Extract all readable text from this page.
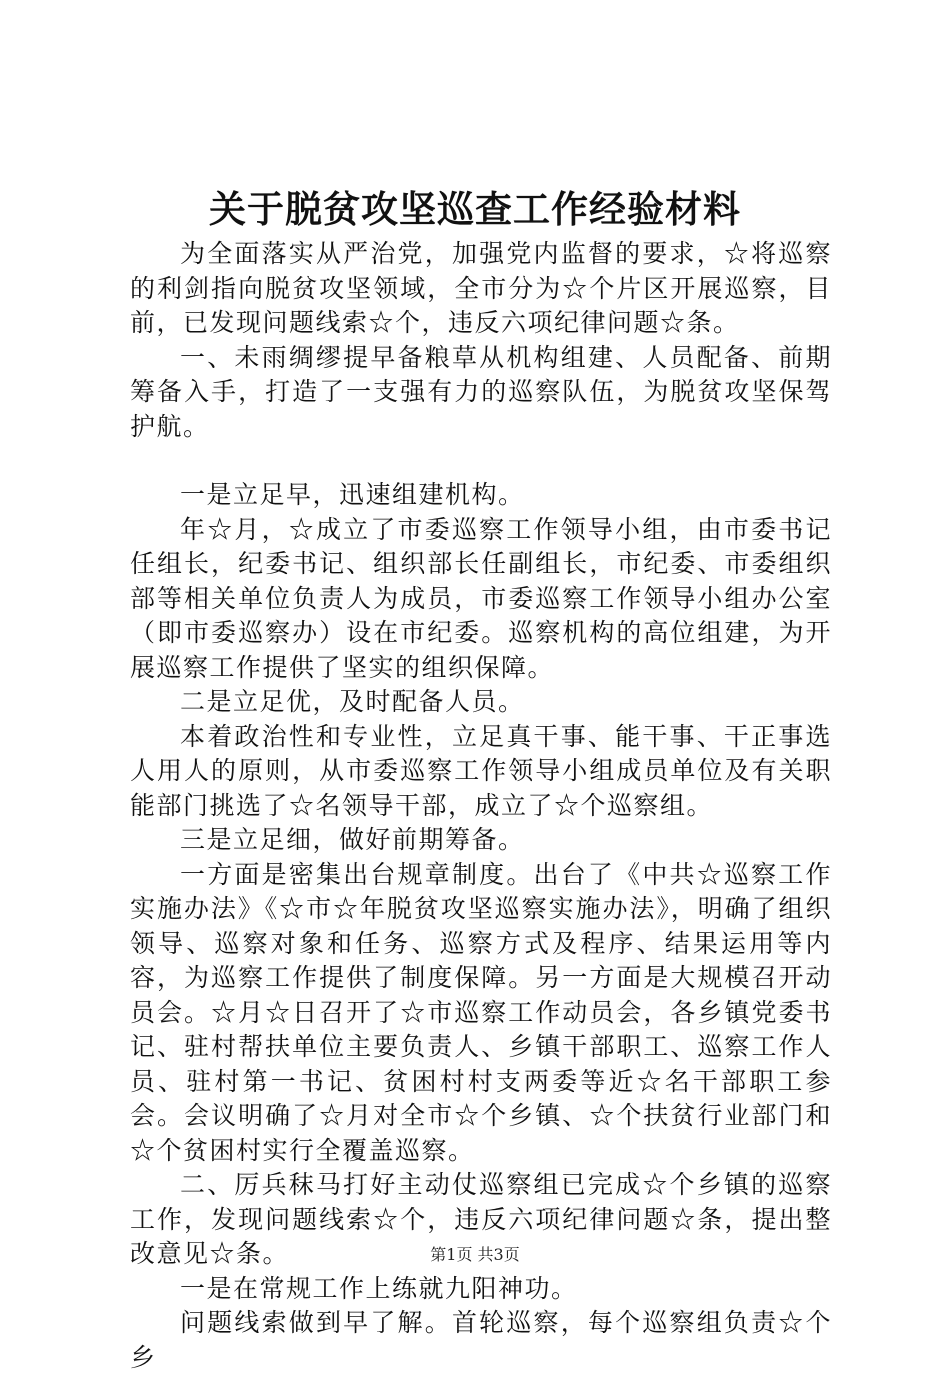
关于脱贫攻坚巡查工作经验材料

为全面落实从严治党，加强党内监督的要求，☆将巡察的利剑指向脱贫攻坚领域，全市分为☆个片区开展巡察，目前，已发现问题线索☆个，违反六项纪律问题☆条。

一、未雨绸缪提早备粮草从机构组建、人员配备、前期筹备入手，打造了一支强有力的巡察队伍，为脱贫攻坚保驾护航。

一是立足早，迅速组建机构。

年☆月，☆成立了市委巡察工作领导小组，由市委书记任组长，纪委书记、组织部长任副组长，市纪委、市委组织部等相关单位负责人为成员，市委巡察工作领导小组办公室（即市委巡察办）设在市纪委。巡察机构的高位组建，为开展巡察工作提供了坚实的组织保障。

二是立足优，及时配备人员。

本着政治性和专业性，立足真干事、能干事、干正事选人用人的原则，从市委巡察工作领导小组成员单位及有关职能部门挑选了☆名领导干部，成立了☆个巡察组。

三是立足细，做好前期筹备。

一方面是密集出台规章制度。出台了《中共☆巡察工作实施办法》《☆市☆年脱贫攻坚巡察实施办法》，明确了组织领导、巡察对象和任务、巡察方式及程序、结果运用等内容，为巡察工作提供了制度保障。另一方面是大规模召开动员会。☆月☆日召开了☆市巡察工作动员会，各乡镇党委书记、驻村帮扶单位主要负责人、乡镇干部职工、巡察工作人员、驻村第一书记、贫困村村支两委等近☆名干部职工参会。会议明确了☆月对全市☆个乡镇、☆个扶贫行业部门和☆个贫困村实行全覆盖巡察。

二、厉兵秣马打好主动仗巡察组已完成☆个乡镇的巡察工作，发现问题线索☆个，违反六项纪律问题☆条，提出整改意见☆条。

一是在常规工作上练就九阳神功。

问题线索做到早了解。首轮巡察，每个巡察组负责☆个乡

第1页 共3页
